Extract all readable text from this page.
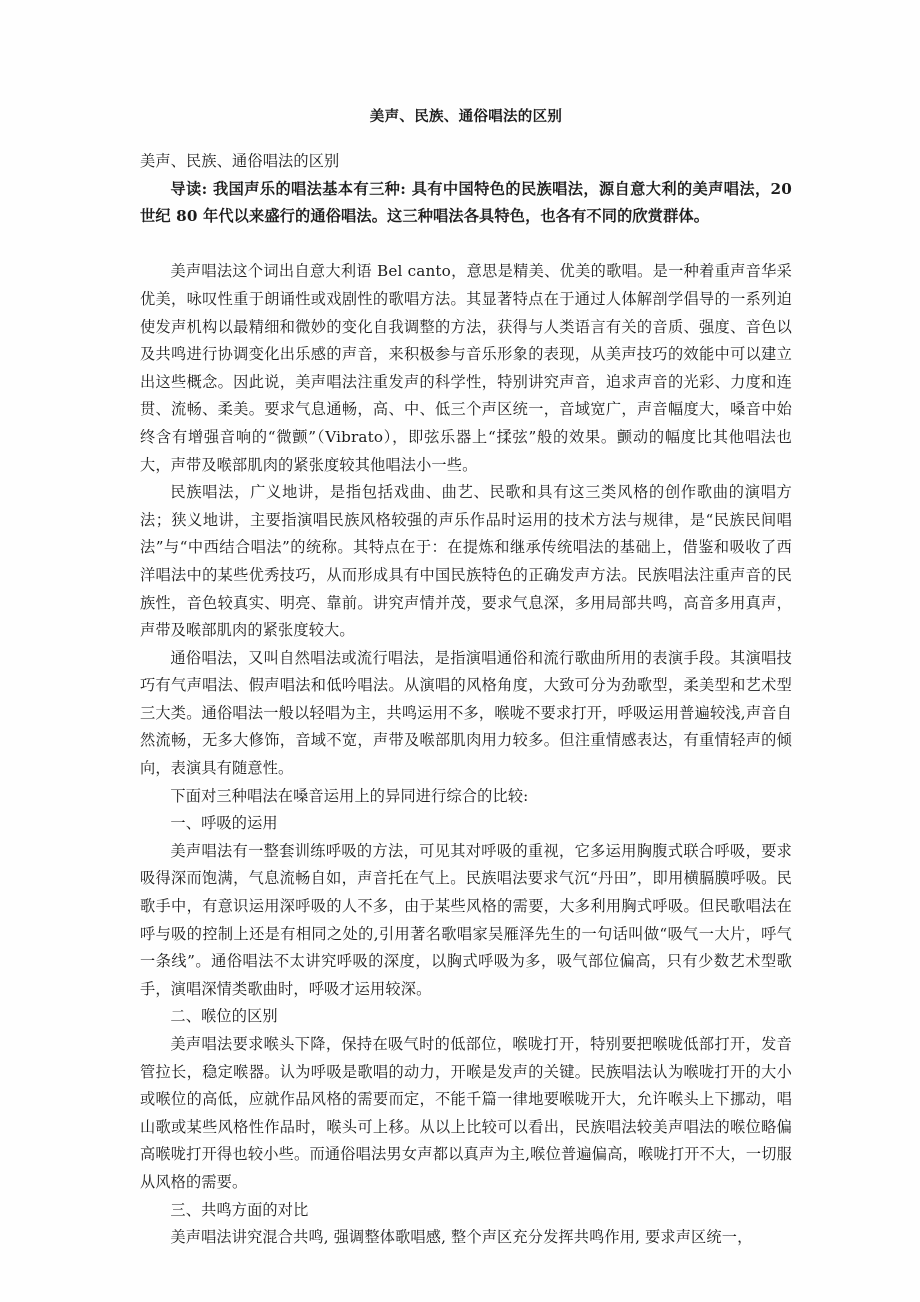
美声、民族、通俗唱法的区别

美声、民族、通俗唱法的区别

导读: 我国声乐的唱法基本有三种: 具有中国特色的民族唱法，源自意大利的美声唱法，20 世纪 80 年代以来盛行的通俗唱法。这三种唱法各具特色，也各有不同的欣赏群体。

美声唱法这个词出自意大利语 Bel canto，意思是精美、优美的歌唱。是一种着重声音华采优美，咏叹性重于朗诵性或戏剧性的歌唱方法。其显著特点在于通过人体解剖学倡导的一系列迫使发声机构以最精细和微妙的变化自我调整的方法，获得与人类语言有关的音质、强度、音色以及共鸣进行协调变化出乐感的声音，来积极参与音乐形象的表现，从美声技巧的效能中可以建立出这些概念。因此说，美声唱法注重发声的科学性，特别讲究声音，追求声音的光彩、力度和连贯、流畅、柔美。要求气息通畅，高、中、低三个声区统一，音域宽广，声音幅度大，嗓音中始终含有增强音响的“微颤”（Vibrato），即弦乐器上“揉弦”般的效果。颤动的幅度比其他唱法也大，声带及喉部肌肉的紧张度较其他唱法小一些。

民族唱法，广义地讲，是指包括戏曲、曲艺、民歌和具有这三类风格的创作歌曲的演唱方法；狭义地讲，主要指演唱民族风格较强的声乐作品时运用的技术方法与规律，是“民族民间唱法”与“中西结合唱法”的统称。其特点在于：在提炼和继承传统唱法的基础上，借鉴和吸收了西洋唱法中的某些优秀技巧，从而形成具有中国民族特色的正确发声方法。民族唱法注重声音的民族性，音色较真实、明亮、靠前。讲究声情并茂，要求气息深，多用局部共鸣，高音多用真声，声带及喉部肌肉的紧张度较大。

通俗唱法，又叫自然唱法或流行唱法，是指演唱通俗和流行歌曲所用的表演手段。其演唱技巧有气声唱法、假声唱法和低吟唱法。从演唱的风格角度，大致可分为劲歌型，柔美型和艺术型三大类。通俗唱法一般以轻唱为主，共鸣运用不多，喉咙不要求打开，呼吸运用普遍较浅,声音自然流畅，无多大修饰，音域不宽，声带及喉部肌肉用力较多。但注重情感表达，有重情轻声的倾向，表演具有随意性。

下面对三种唱法在嗓音运用上的异同进行综合的比较:

一、呼吸的运用

美声唱法有一整套训练呼吸的方法，可见其对呼吸的重视，它多运用胸腹式联合呼吸，要求吸得深而饱满，气息流畅自如，声音托在气上。民族唱法要求气沉“丹田”，即用横膈膜呼吸。民歌手中，有意识运用深呼吸的人不多，由于某些风格的需要，大多利用胸式呼吸。但民歌唱法在呼与吸的控制上还是有相同之处的,引用著名歌唱家吴雁泽先生的一句话叫做“吸气一大片，呼气一条线”。通俗唱法不太讲究呼吸的深度，以胸式呼吸为多，吸气部位偏高，只有少数艺术型歌手，演唱深情类歌曲时，呼吸才运用较深。

二、喉位的区别

美声唱法要求喉头下降，保持在吸气时的低部位，喉咙打开，特别要把喉咙低部打开，发音管拉长，稳定喉器。认为呼吸是歌唱的动力，开喉是发声的关键。民族唱法认为喉咙打开的大小或喉位的高低，应就作品风格的需要而定，不能千篇一律地要喉咙开大，允许喉头上下挪动，唱山歌或某些风格性作品时，喉头可上移。从以上比较可以看出，民族唱法较美声唱法的喉位略偏高喉咙打开得也较小些。而通俗唱法男女声都以真声为主,喉位普遍偏高，喉咙打开不大，一切服从风格的需要。

三、共鸣方面的对比

美声唱法讲究混合共鸣, 强调整体歌唱感, 整个声区充分发挥共鸣作用, 要求声区统一，
